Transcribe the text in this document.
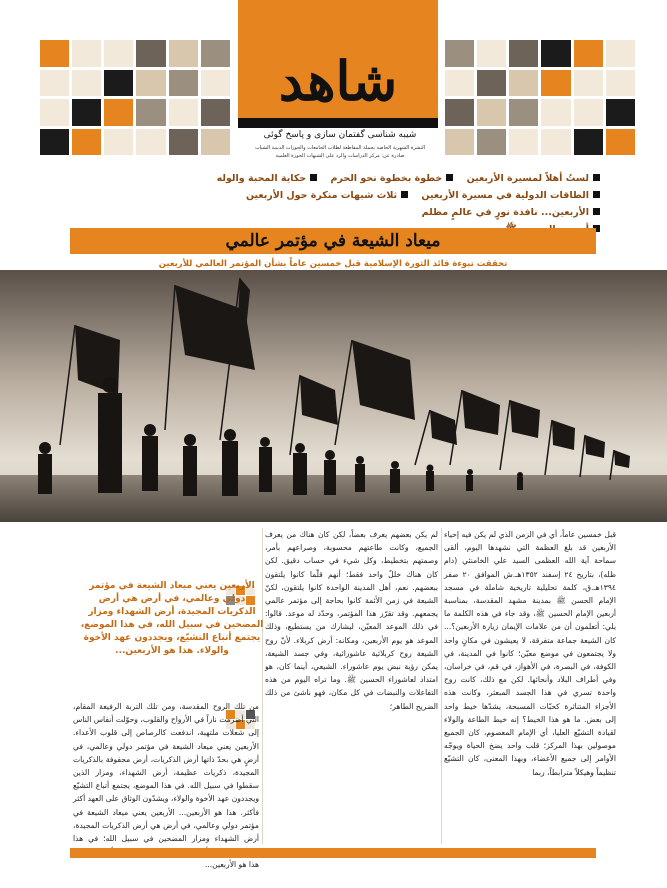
شاهد
شیبه شناسی گفتمان سازی و پاسخ گوئی
النشرة الشهرية الخاصة بحملة المقاطعة لطلاب الجامعات والحوزات الدينية الشباب
صادرة عن: مركز الدراسات والرد على الشبهات الحوزة العلمية
لستُ أهلاً لمسيرة الأربعين خطوة بخطوة نحو الحرم حكاية المحبة والوله
الطاقات الدولية في مسيرة الأربعين ثلاث شبهات منكرة حول الأربعين الأربعين... نافذة نورٍ في عالمٍ مظلم

ميعاد الشيعة في مؤتمر عالمي
تحققت نبوءة قائد الثورة الإسلامية قبل خمسين عاماً بشأن المؤتمر العالمي للأربعين
قبل خمسين عاماً، أي في الزمن الذي لم يكن فيه إحياء الأربعين قد بلغ العظمة التي نشهدها اليوم، ألقى سماحة آية الله العظمى السيد علي الخامنئي (دام ظله)، بتاريخ ٢٤ إسفند ١٣٥٢هـ.ش الموافق ٢٠ صفر ١٣٩٤هـ.ق، كلمة تحليلية تاريخية شاملة في مسجد الإمام الحسن ﷺ بمدينة مشهد المقدسة، بمناسبة أربعين الإمام الحسين ﷺ، وقد جاء في هذه الكلمة ما يلي: أتعلمون أن من علامات الإيمان زيارة الأربعين؟... كان الشيعة جماعة متفرقة، لا يعيشون في مكانٍ واحد ولا يجتمعون في موضع معيّن؛ كانوا في المدينة، في الكوفة، في البصرة، في الأهواز، في قم، في خراسان، وفي أطراف البلاد وأنحائها. لكن مع ذلك، كانت روح واحدة تسري في هذا الجسد المبعثر، وكانت هذه الأجزاء المتناثرة كحبّات المسبحة، يشدّها خيط واحد إلى بعض. ما هو هذا الخيط؟ إنه خيط الطاعة والولاء لقيادة التشيّع العليا، أي الإمام المعصوم، كان الجميع موصولين بهذا المركز؛ قلب واحد يضخ الحياة ويوجّه الأوامر إلى جميع الأعضاء، وبهذا المعنى، كان التشيّع تنظيماً وهيكلاً مترابطاً، ربما
لم يكن بعضهم يعرف بعضاً، لكن كان هناك من يعرف الجميع، وكانت طاعتهم محسوبة، وصراعهم بأمر، وصمتهم بتخطيط، وكل شيء في حساب دقيق. لكن كان هناك خللٌ واحد فقط؛ أنهم قلّما كانوا يلتقون ببعضهم. نعم، أهل المدينة الواحدة كانوا يلتقون، لكنّ الشيعة في زمن الأئمة كانوا بحاجة إلى مؤتمر عالمي يجمعهم. وقد تقرّر هذا المؤتمر، وحدّد له موعد. قالوا: في ذلك الموعد المعيّن، ليشارك من يستطيع، وذلك الموعد هو يوم الأربعين، ومكانه: أرض كربلاء. لأنّ روح الشيعة روح كربلائية عاشورائية، وفي جسد الشيعة، يمكن رؤية نبض يوم عاشوراء. الشيعي، أينما كان، هو امتداد لعاشوراء الحسين ﷺ. وما تراه اليوم من هذه التفاعلات والنبضات في كل مكان، فهو ناشئ من ذلك الضريح الطاهر؛
من تلك الروح المقدسة، ومن تلك التربة الرفيعة المقام، التي أضرمت ناراً في الأرواح والقلوب، وحوّلت أنفاس الناس إلى شعلات ملتهبة، اندفعت كالرصاص إلى قلوب الأعداء. الأربعين يعني ميعاد الشيعة في مؤتمر دولي وعالمي، في أرضٍ هي بحدّ ذاتها أرض الذكريات، أرض محفوفة بالذكريات المجيدة، ذكريات عظيمة، أرض الشهداء، ومزار الذين سقطوا في سبيل الله. في هذا الموضع، يجتمع أتباع التشيّع ويجددون عهد الأخوة والولاء، ويشدّون الوثاق على العهد أكثر فأكثر. هذا هو الأربعين... الأربعين يعني ميعاد الشيعة في مؤتمر دولي وعالمي، في أرض هي أرض الذكريات المجيدة، أرض الشهداء ومزار المضحين في سبيل الله؛ في هذا هذا هو الأربعين...
الأربعين يعني ميعاد الشيعة في مؤتمر دولي وعالمي، في أرض هي أرض الذكريات المجيدة، أرض الشهداء ومزار المضحين في سبيل الله، في هذا الموضع، يجتمع أتباع التشيّع، ويجددون عهد الأخوة والولاء. هذا هو الأربعين...
